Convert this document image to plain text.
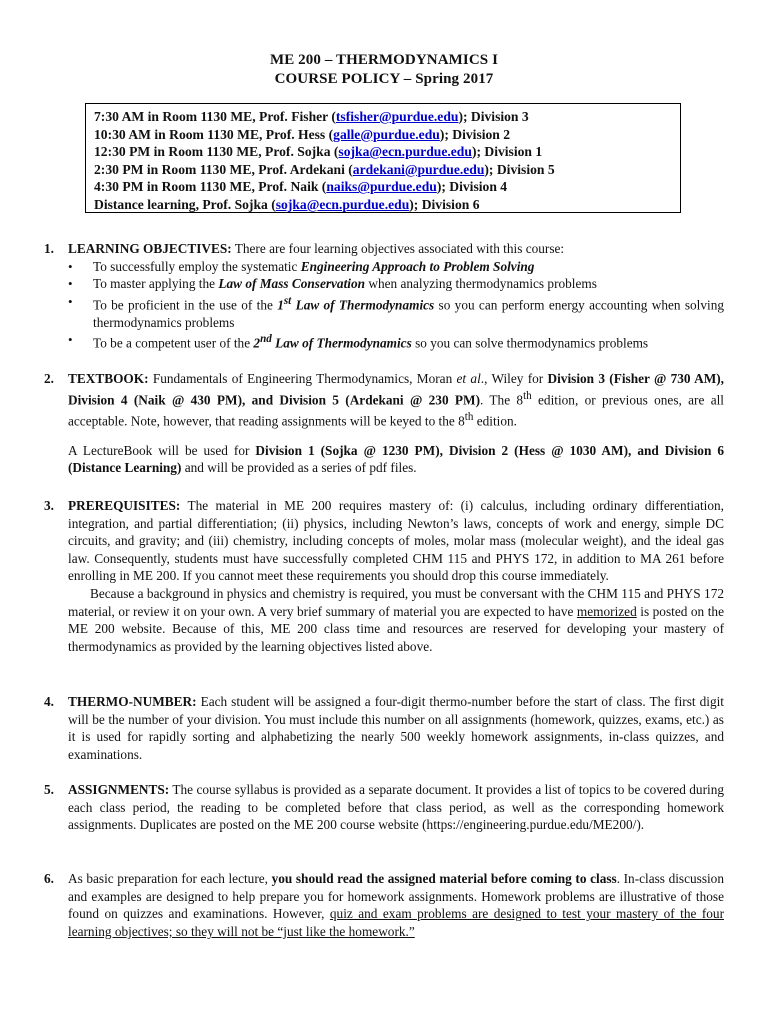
ME 200 – THERMODYNAMICS I
COURSE POLICY – Spring 2017
7:30 AM in Room 1130 ME, Prof. Fisher (tsfisher@purdue.edu); Division 3
10:30 AM in Room 1130 ME, Prof. Hess (galle@purdue.edu); Division 2
12:30 PM in Room 1130 ME, Prof. Sojka (sojka@ecn.purdue.edu); Division 1
2:30 PM in Room 1130 ME, Prof. Ardekani (ardekani@purdue.edu); Division 5
4:30 PM in Room 1130 ME, Prof. Naik (naiks@purdue.edu); Division 4
Distance learning, Prof. Sojka (sojka@ecn.purdue.edu); Division 6
1. LEARNING OBJECTIVES: There are four learning objectives associated with this course:
• To successfully employ the systematic Engineering Approach to Problem Solving
• To master applying the Law of Mass Conservation when analyzing thermodynamics problems
• To be proficient in the use of the 1st Law of Thermodynamics so you can perform energy accounting when solving thermodynamics problems
• To be a competent user of the 2nd Law of Thermodynamics so you can solve thermodynamics problems
2. TEXTBOOK: Fundamentals of Engineering Thermodynamics, Moran et al., Wiley for Division 3 (Fisher @ 730 AM), Division 4 (Naik @ 430 PM), and Division 5 (Ardekani @ 230 PM). The 8th edition, or previous ones, are all acceptable. Note, however, that reading assignments will be keyed to the 8th edition.
A LectureBook will be used for Division 1 (Sojka @ 1230 PM), Division 2 (Hess @ 1030 AM), and Division 6 (Distance Learning) and will be provided as a series of pdf files.
3. PREREQUISITES: The material in ME 200 requires mastery of: (i) calculus, including ordinary differentiation, integration, and partial differentiation; (ii) physics, including Newton’s laws, concepts of work and energy, simple DC circuits, and gravity; and (iii) chemistry, including concepts of moles, molar mass (molecular weight), and the ideal gas law. Consequently, students must have successfully completed CHM 115 and PHYS 172, in addition to MA 261 before enrolling in ME 200. If you cannot meet these requirements you should drop this course immediately.
Because a background in physics and chemistry is required, you must be conversant with the CHM 115 and PHYS 172 material, or review it on your own. A very brief summary of material you are expected to have memorized is posted on the ME 200 website. Because of this, ME 200 class time and resources are reserved for developing your mastery of thermodynamics as provided by the learning objectives listed above.
4. THERMO-NUMBER: Each student will be assigned a four-digit thermo-number before the start of class. The first digit will be the number of your division. You must include this number on all assignments (homework, quizzes, exams, etc.) as it is used for rapidly sorting and alphabetizing the nearly 500 weekly homework assignments, in-class quizzes, and examinations.
5. ASSIGNMENTS: The course syllabus is provided as a separate document. It provides a list of topics to be covered during each class period, the reading to be completed before that class period, as well as the corresponding homework assignments. Duplicates are posted on the ME 200 course website (https://engineering.purdue.edu/ME200/).
6. As basic preparation for each lecture, you should read the assigned material before coming to class. In-class discussion and examples are designed to help prepare you for homework assignments. Homework problems are illustrative of those found on quizzes and examinations. However, quiz and exam problems are designed to test your mastery of the four learning objectives; so they will not be “just like the homework.”
